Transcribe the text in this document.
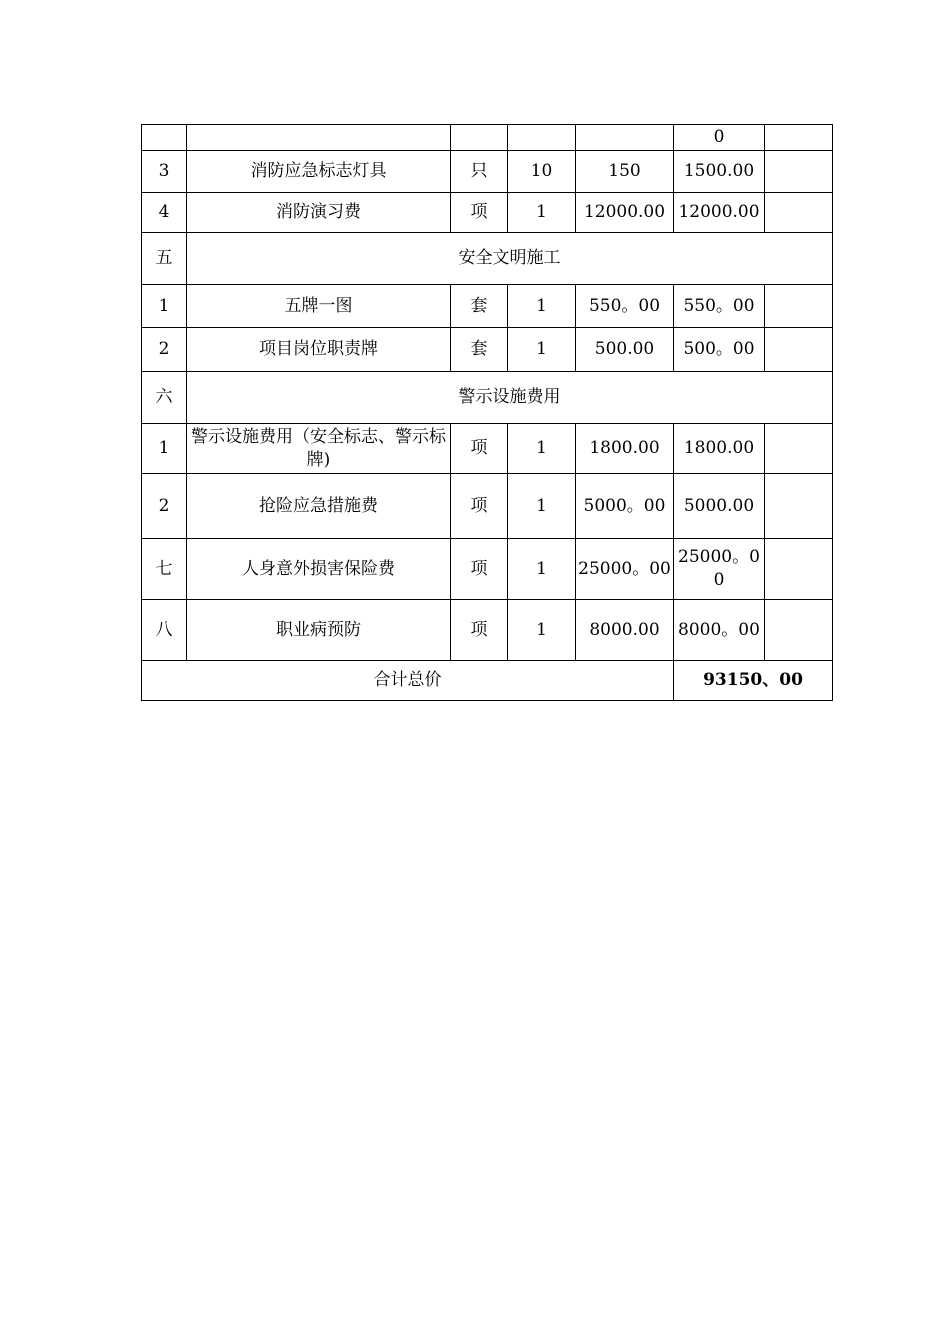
					0	
3	消防应急标志灯具	只	10	150	1500.00	
4	消防演习费	项	1	12000.00	12000.00	
五	安全文明施工					
1	五牌一图	套	1	550。00	550。00	
2	项目岗位职责牌	套	1	500.00	500。00	
六	警示设施费用					
1	警示设施费用（安全标志、警示标牌)	项	1	1800.00	1800.00	
2	抢险应急措施费	项	1	5000。00	5000.00	
七	人身意外损害保险费	项	1	25000。00	25000。00	
八	职业病预防	项	1	8000.00	8000。00	
合计总价					93150、00	
